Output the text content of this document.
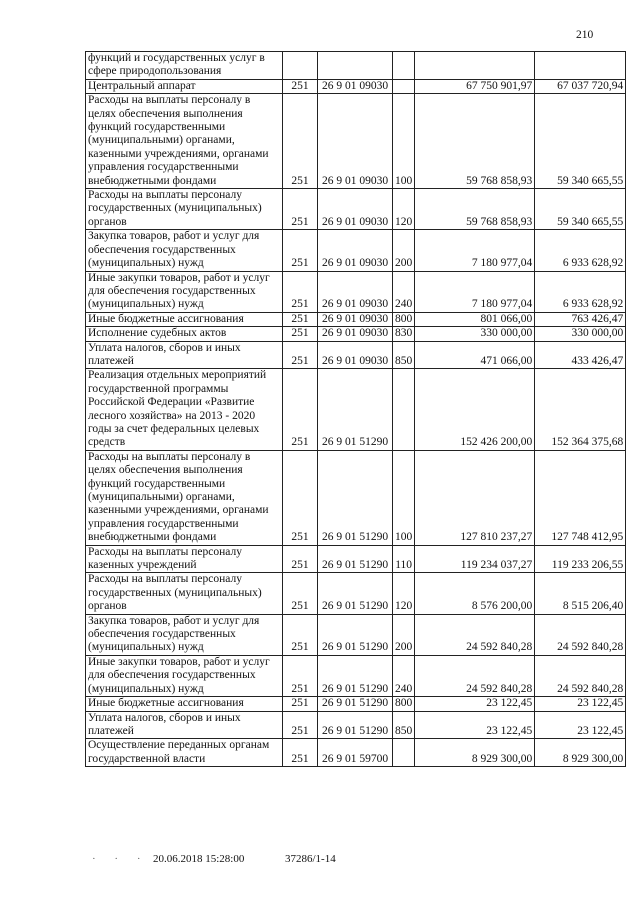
210
функций и государственных услуг в сфере природопользования					
Центральный аппарат	251	26 9 01 09030		67 750 901,97	67 037 720,94
Расходы на выплаты персоналу в целях обеспечения выполнения функций государственными (муниципальными) органами, казенными учреждениями, органами управления государственными внебюджетными фондами	251	26 9 01 09030	100	59 768 858,93	59 340 665,55
Расходы на выплаты персоналу государственных (муниципальных) органов	251	26 9 01 09030	120	59 768 858,93	59 340 665,55
Закупка товаров, работ и услуг для обеспечения государственных (муниципальных) нужд	251	26 9 01 09030	200	7 180 977,04	6 933 628,92
Иные закупки товаров, работ и услуг для обеспечения государственных (муниципальных) нужд	251	26 9 01 09030	240	7 180 977,04	6 933 628,92
Иные бюджетные ассигнования	251	26 9 01 09030	800	801 066,00	763 426,47
Исполнение судебных актов	251	26 9 01 09030	830	330 000,00	330 000,00
Уплата налогов, сборов и иных платежей	251	26 9 01 09030	850	471 066,00	433 426,47
Реализация отдельных мероприятий государственной программы Российской Федерации «Развитие лесного хозяйства» на 2013 - 2020 годы за счет федеральных целевых средств	251	26 9 01 51290		152 426 200,00	152 364 375,68
Расходы на выплаты персоналу в целях обеспечения выполнения функций государственными (муниципальными) органами, казенными учреждениями, органами управления государственными внебюджетными фондами	251	26 9 01 51290	100	127 810 237,27	127 748 412,95
Расходы на выплаты персоналу казенных учреждений	251	26 9 01 51290	110	119 234 037,27	119 233 206,55
Расходы на выплаты персоналу государственных (муниципальных) органов	251	26 9 01 51290	120	8 576 200,00	8 515 206,40
Закупка товаров, работ и услуг для обеспечения государственных (муниципальных) нужд	251	26 9 01 51290	200	24 592 840,28	24 592 840,28
Иные закупки товаров, работ и услуг для обеспечения государственных (муниципальных) нужд	251	26 9 01 51290	240	24 592 840,28	24 592 840,28
Иные бюджетные ассигнования	251	26 9 01 51290	800	23 122,45	23 122,45
Уплата налогов, сборов и иных платежей	251	26 9 01 51290	850	23 122,45	23 122,45
Осуществление переданных органам государственной власти	251	26 9 01 59700		8 929 300,00	8 929 300,00
· · · 20.06.2018 15:28:00	37286/1-14
